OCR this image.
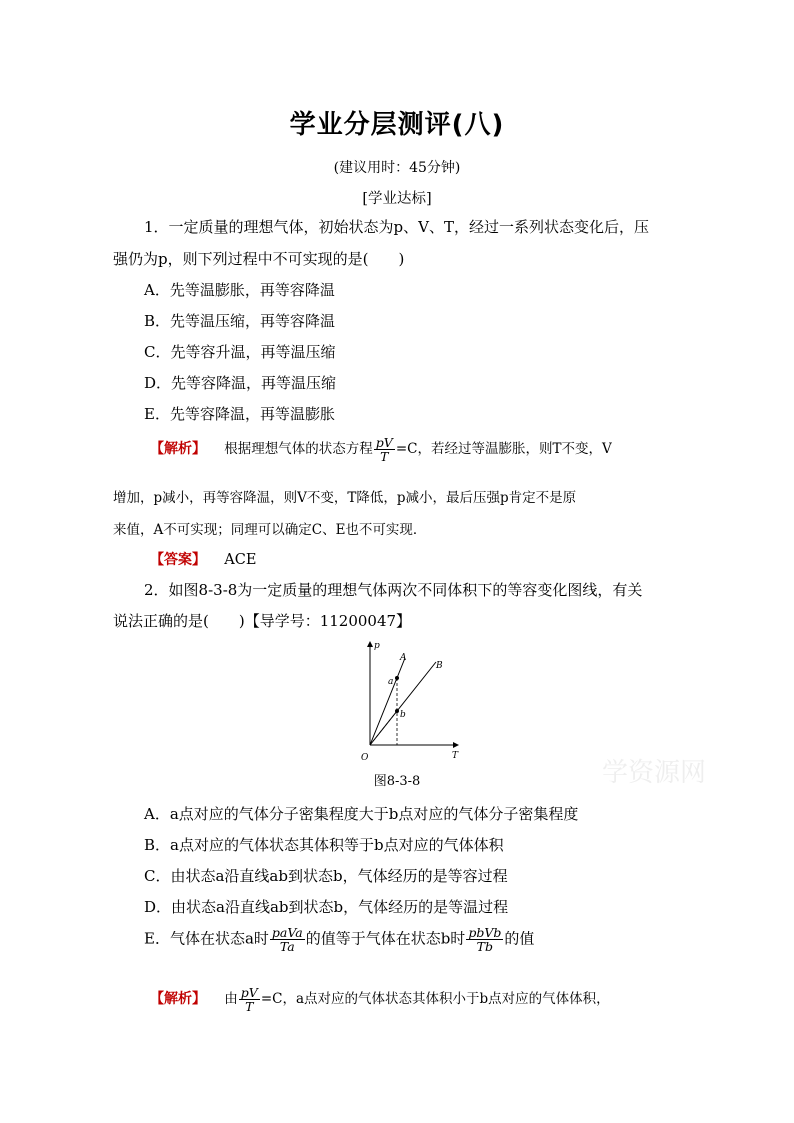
学业分层测评(八)
(建议用时：45分钟)
[学业达标]
1．一定质量的理想气体，初始状态为p、V、T，经过一系列状态变化后，压
强仍为p，则下列过程中不可实现的是(　　)
A．先等温膨胀，再等容降温
B．先等温压缩，再等容降温
C．先等容升温，再等温压缩
D．先等容降温，再等温压缩
E．先等容降温，再等温膨胀
【解析】 根据理想气体的状态方程 $\frac{pV}{T} =C$，若经过等温膨胀，则T不变，V
增加，p减小，再等容降温，则V不变，T降低，p减小，最后压强p肯定不是原
来值，A不可实现；同理可以确定C、E也不可实现．
【答案】 ACE
2．如图8-3-8为一定质量的理想气体两次不同体积下的等容变化图线，有关
说法正确的是(　　)【导学号：11200047】
p
T
O
A
B
a
b
图8-3-8
A．a点对应的气体分子密集程度大于b点对应的气体分子密集程度
B．a点对应的气体状态其体积等于b点对应的气体体积
C．由状态a沿直线ab到状态b，气体经历的是等容过程
D．由状态a沿直线ab到状态b，气体经历的是等温过程
E．气体在状态a时 $\frac{\text{paVa}}{Ta}$ 的值等于气体在状态b时 $\frac{\text{pbVb}}{Tb}$ 的值
【解析】 由 $\frac{pV}{T} =C$，a点对应的气体状态其体积小于b点对应的气体体积，
学资源网
